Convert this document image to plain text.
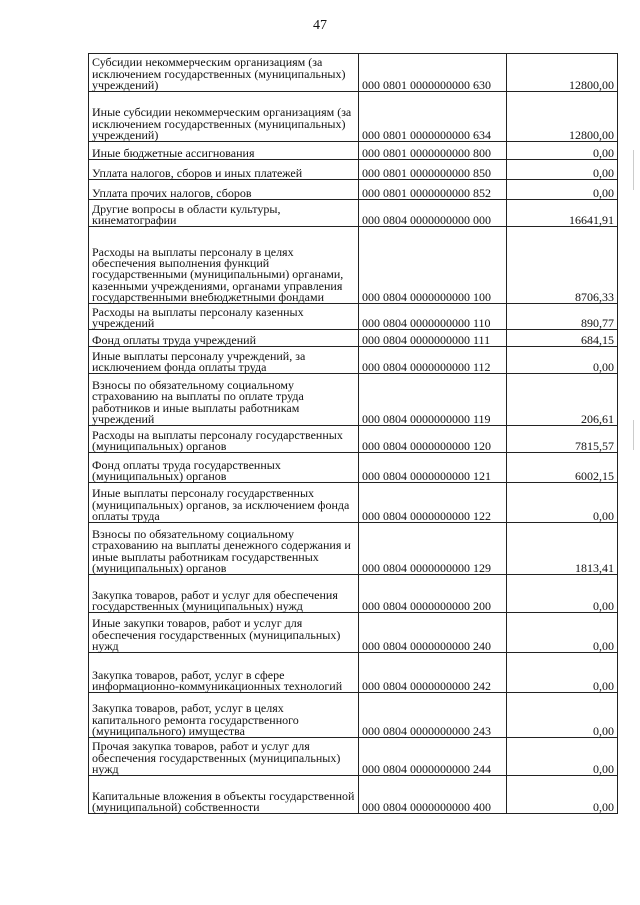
47
Субсидии некоммерческим организациям (за исключением государственных (муниципальных) учреждений)	000 0801 0000000000 630	12800,00
Иные субсидии некоммерческим организациям (за исключением государственных (муниципальных) учреждений)	000 0801 0000000000 634	12800,00
Иные бюджетные ассигнования	000 0801 0000000000 800	0,00
Уплата налогов, сборов и иных платежей	000 0801 0000000000 850	0,00
Уплата прочих налогов, сборов	000 0801 0000000000 852	0,00
Другие вопросы в области культуры, кинематографии	000 0804 0000000000 000	16641,91
Расходы на выплаты персоналу в целях обеспечения выполнения функций государственными (муниципальными) органами, казенными учреждениями, органами управления государственными внебюджетными фондами	000 0804 0000000000 100	8706,33
Расходы на выплаты персоналу казенных учреждений	000 0804 0000000000 110	890,77
Фонд оплаты труда учреждений	000 0804 0000000000 111	684,15
Иные выплаты персоналу учреждений, за исключением фонда оплаты труда	000 0804 0000000000 112	0,00
Взносы по обязательному социальному страхованию на выплаты по оплате труда работников и иные выплаты работникам учреждений	000 0804 0000000000 119	206,61
Расходы на выплаты персоналу государственных (муниципальных) органов	000 0804 0000000000 120	7815,57
Фонд оплаты труда государственных (муниципальных) органов	000 0804 0000000000 121	6002,15
Иные выплаты персоналу государственных (муниципальных) органов, за исключением фонда оплаты труда	000 0804 0000000000 122	0,00
Взносы по обязательному социальному страхованию на выплаты денежного содержания и иные выплаты работникам государственных (муниципальных) органов	000 0804 0000000000 129	1813,41
Закупка товаров, работ и услуг для обеспечения государственных (муниципальных) нужд	000 0804 0000000000 200	0,00
Иные закупки товаров, работ и услуг для обеспечения государственных (муниципальных) нужд	000 0804 0000000000 240	0,00
Закупка товаров, работ, услуг в сфере информационно-коммуникационных технологий	000 0804 0000000000 242	0,00
Закупка товаров, работ, услуг в целях капитального ремонта государственного (муниципального) имущества	000 0804 0000000000 243	0,00
Прочая закупка товаров, работ и услуг для обеспечения государственных (муниципальных) нужд	000 0804 0000000000 244	0,00
Капитальные вложения в объекты государственной (муниципальной) собственности	000 0804 0000000000 400	0,00
